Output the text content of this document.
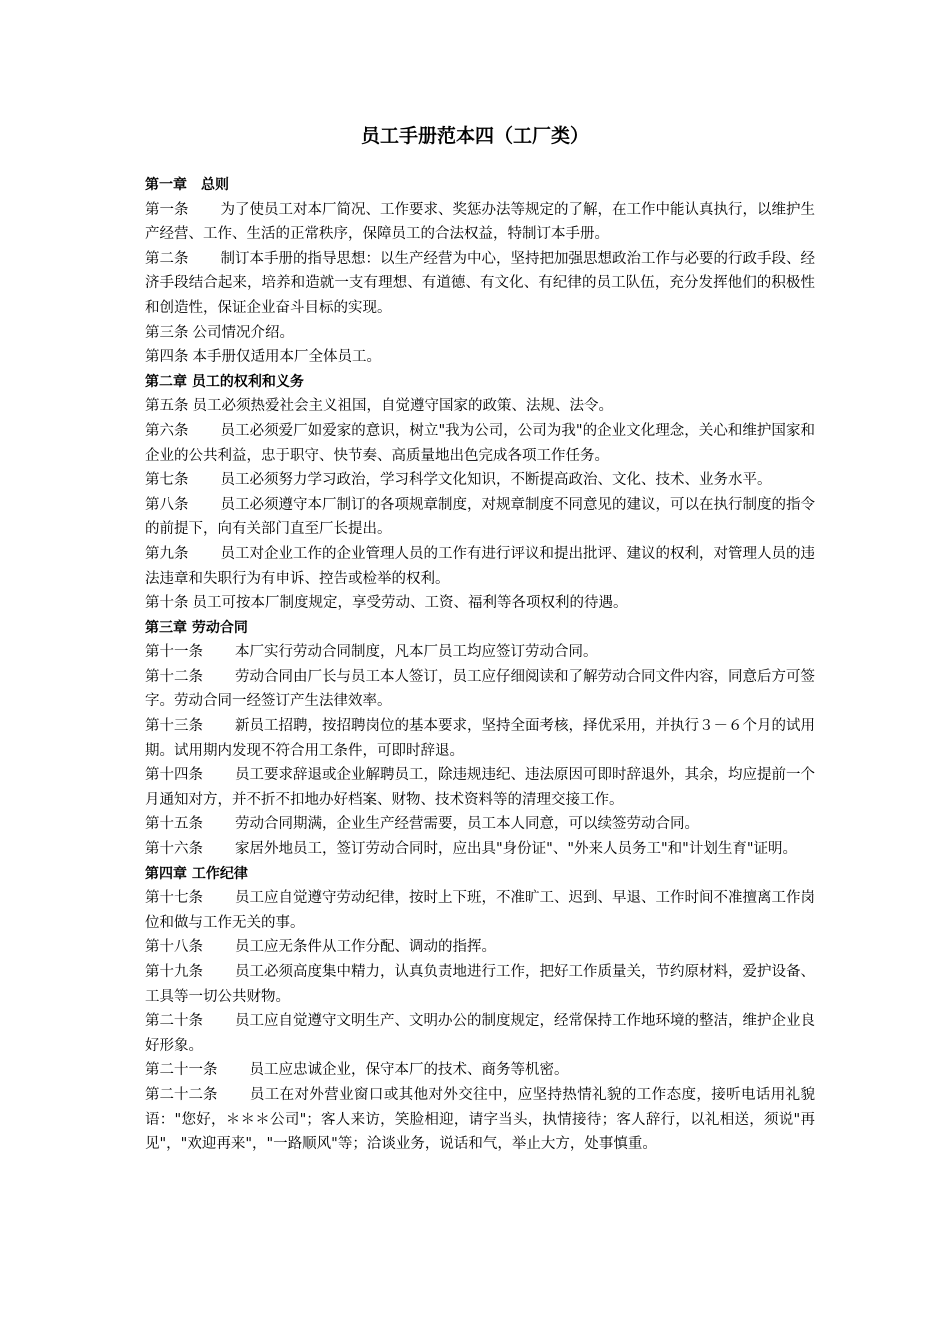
员工手册范本四（工厂类）
第一章　总则
第一条 为了使员工对本厂简况、工作要求、奖惩办法等规定的了解，在工作中能认真执行，以维护生产经营、工作、生活的正常秩序，保障员工的合法权益，特制订本手册。
第二条 制订本手册的指导思想：以生产经营为中心，坚持把加强思想政治工作与必要的行政手段、经济手段结合起来，培养和造就一支有理想、有道德、有文化、有纪律的员工队伍，充分发挥他们的积极性和创造性，保证企业奋斗目标的实现。
第三条 公司情况介绍。
第四条 本手册仅适用本厂全体员工。
第二章 员工的权利和义务
第五条 员工必须热爱社会主义祖国，自觉遵守国家的政策、法规、法令。
第六条 员工必须爱厂如爱家的意识，树立"我为公司，公司为我"的企业文化理念，关心和维护国家和企业的公共利益，忠于职守、快节奏、高质量地出色完成各项工作任务。
第七条 员工必须努力学习政治，学习科学文化知识，不断提高政治、文化、技术、业务水平。
第八条 员工必须遵守本厂制订的各项规章制度，对规章制度不同意见的建议，可以在执行制度的指令的前提下，向有关部门直至厂长提出。
第九条 员工对企业工作的企业管理人员的工作有进行评议和提出批评、建议的权利，对管理人员的违法违章和失职行为有申诉、控告或检举的权利。
第十条 员工可按本厂制度规定，享受劳动、工资、福利等各项权利的待遇。
第三章 劳动合同
第十一条 本厂实行劳动合同制度，凡本厂员工均应签订劳动合同。
第十二条 劳动合同由厂长与员工本人签订，员工应仔细阅读和了解劳动合同文件内容，同意后方可签字。劳动合同一经签订产生法律效率。
第十三条 新员工招聘，按招聘岗位的基本要求，坚持全面考核，择优采用，并执行３－６个月的试用期。试用期内发现不符合用工条件，可即时辞退。
第十四条 员工要求辞退或企业解聘员工，除违规违纪、违法原因可即时辞退外，其余，均应提前一个月通知对方，并不折不扣地办好档案、财物、技术资料等的清理交接工作。
第十五条 劳动合同期满，企业生产经营需要，员工本人同意，可以续签劳动合同。
第十六条 家居外地员工，签订劳动合同时，应出具"身份证"、"外来人员务工"和"计划生育"证明。
第四章 工作纪律
第十七条 员工应自觉遵守劳动纪律，按时上下班，不准旷工、迟到、早退、工作时间不准擅离工作岗位和做与工作无关的事。
第十八条 员工应无条件从工作分配、调动的指挥。
第十九条 员工必须高度集中精力，认真负责地进行工作，把好工作质量关，节约原材料，爱护设备、工具等一切公共财物。
第二十条 员工应自觉遵守文明生产、文明办公的制度规定，经常保持工作地环境的整洁，维护企业良好形象。
第二十一条 员工应忠诚企业，保守本厂的技术、商务等机密。
第二十二条 员工在对外营业窗口或其他对外交往中，应坚持热情礼貌的工作态度，接听电话用礼貌语："您好，＊＊＊公司"；客人来访，笑脸相迎，请字当头，执情接待；客人辞行，以礼相送，须说"再见"，"欢迎再来"，"一路顺风"等；洽谈业务，说话和气，举止大方，处事慎重。
